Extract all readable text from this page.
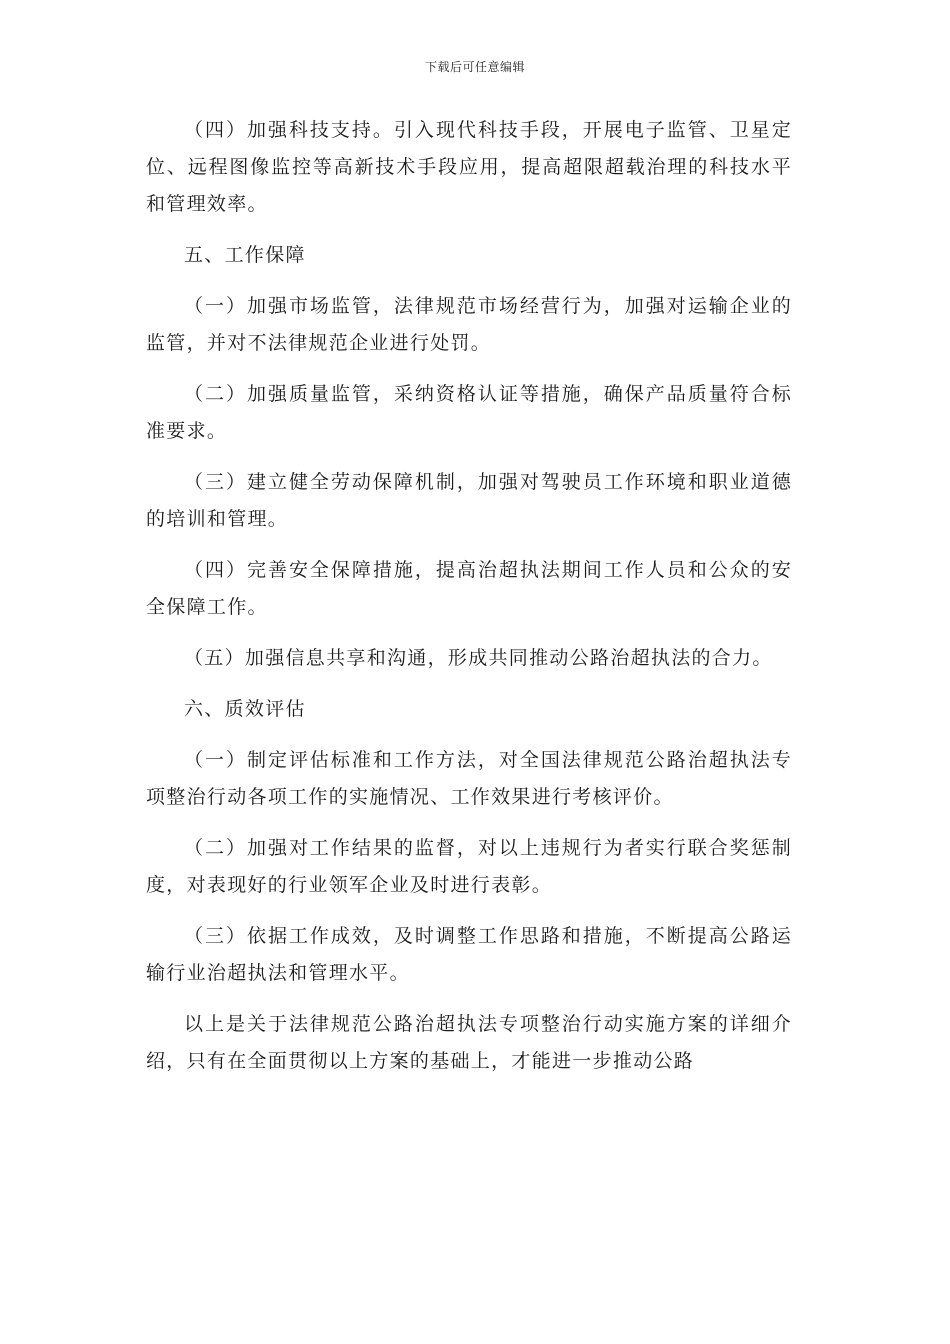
下载后可任意编辑

（四）加强科技支持。引入现代科技手段，开展电子监管、卫星定位、远程图像监控等高新技术手段应用，提高超限超载治理的科技水平和管理效率。

五、工作保障

（一）加强市场监管，法律规范市场经营行为，加强对运输企业的监管，并对不法律规范企业进行处罚。

（二）加强质量监管，采纳资格认证等措施，确保产品质量符合标准要求。

（三）建立健全劳动保障机制，加强对驾驶员工作环境和职业道德的培训和管理。

（四）完善安全保障措施，提高治超执法期间工作人员和公众的安全保障工作。

（五）加强信息共享和沟通，形成共同推动公路治超执法的合力。

六、质效评估

（一）制定评估标准和工作方法，对全国法律规范公路治超执法专项整治行动各项工作的实施情况、工作效果进行考核评价。

（二）加强对工作结果的监督，对以上违规行为者实行联合奖惩制度，对表现好的行业领军企业及时进行表彰。

（三）依据工作成效，及时调整工作思路和措施，不断提高公路运输行业治超执法和管理水平。

以上是关于法律规范公路治超执法专项整治行动实施方案的详细介绍，只有在全面贯彻以上方案的基础上，才能进一步推动公路
